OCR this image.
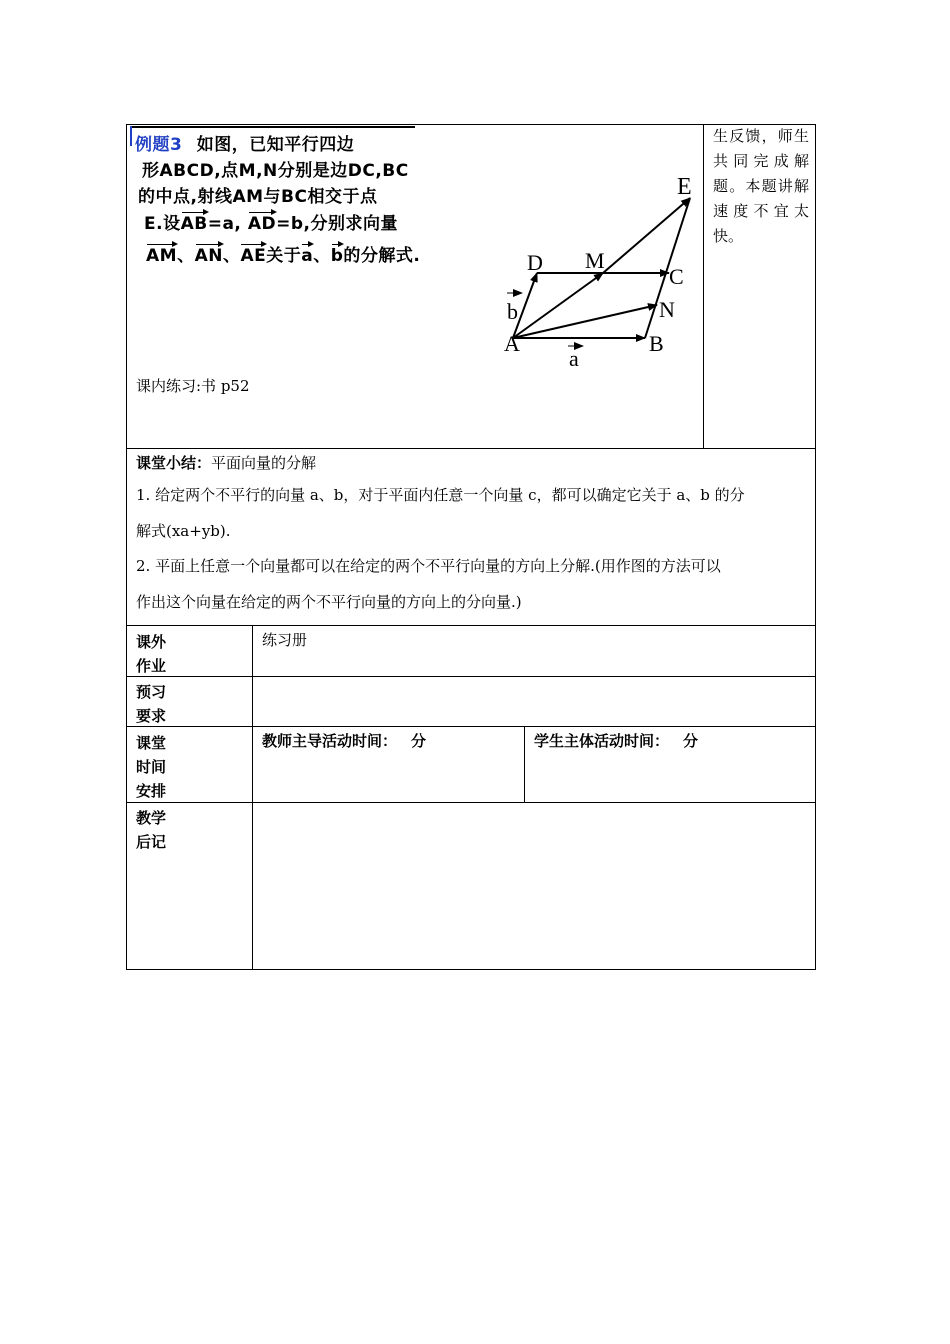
例题3 如图，已知平行四边
形ABCD,点M,N分别是边DC,BC
的中点,射线AM与BC相交于点
E.设AB=a, AD=b,分别求向量
AM、AN、AE关于a、b的分解式.
A	B
C
D M
N
E
b
a
课内练习:书 p52
生反馈，师生共同完成解题。本题讲解速度不宜太快。
课堂小结：平面向量的分解
1. 给定两个不平行的向量 a、b，对于平面内任意一个向量 c，都可以确定它关于 a、b 的分
解式(xa+yb).
2. 平面上任意一个向量都可以在给定的两个不平行向量的方向上分解.(用作图的方法可以
作出这个向量在给定的两个不平行向量的方向上的分向量.)
课外
作业
练习册
预习
要求
课堂
时间
安排
教师主导活动时间： 分	学生主体活动时间： 分
教学
后记
